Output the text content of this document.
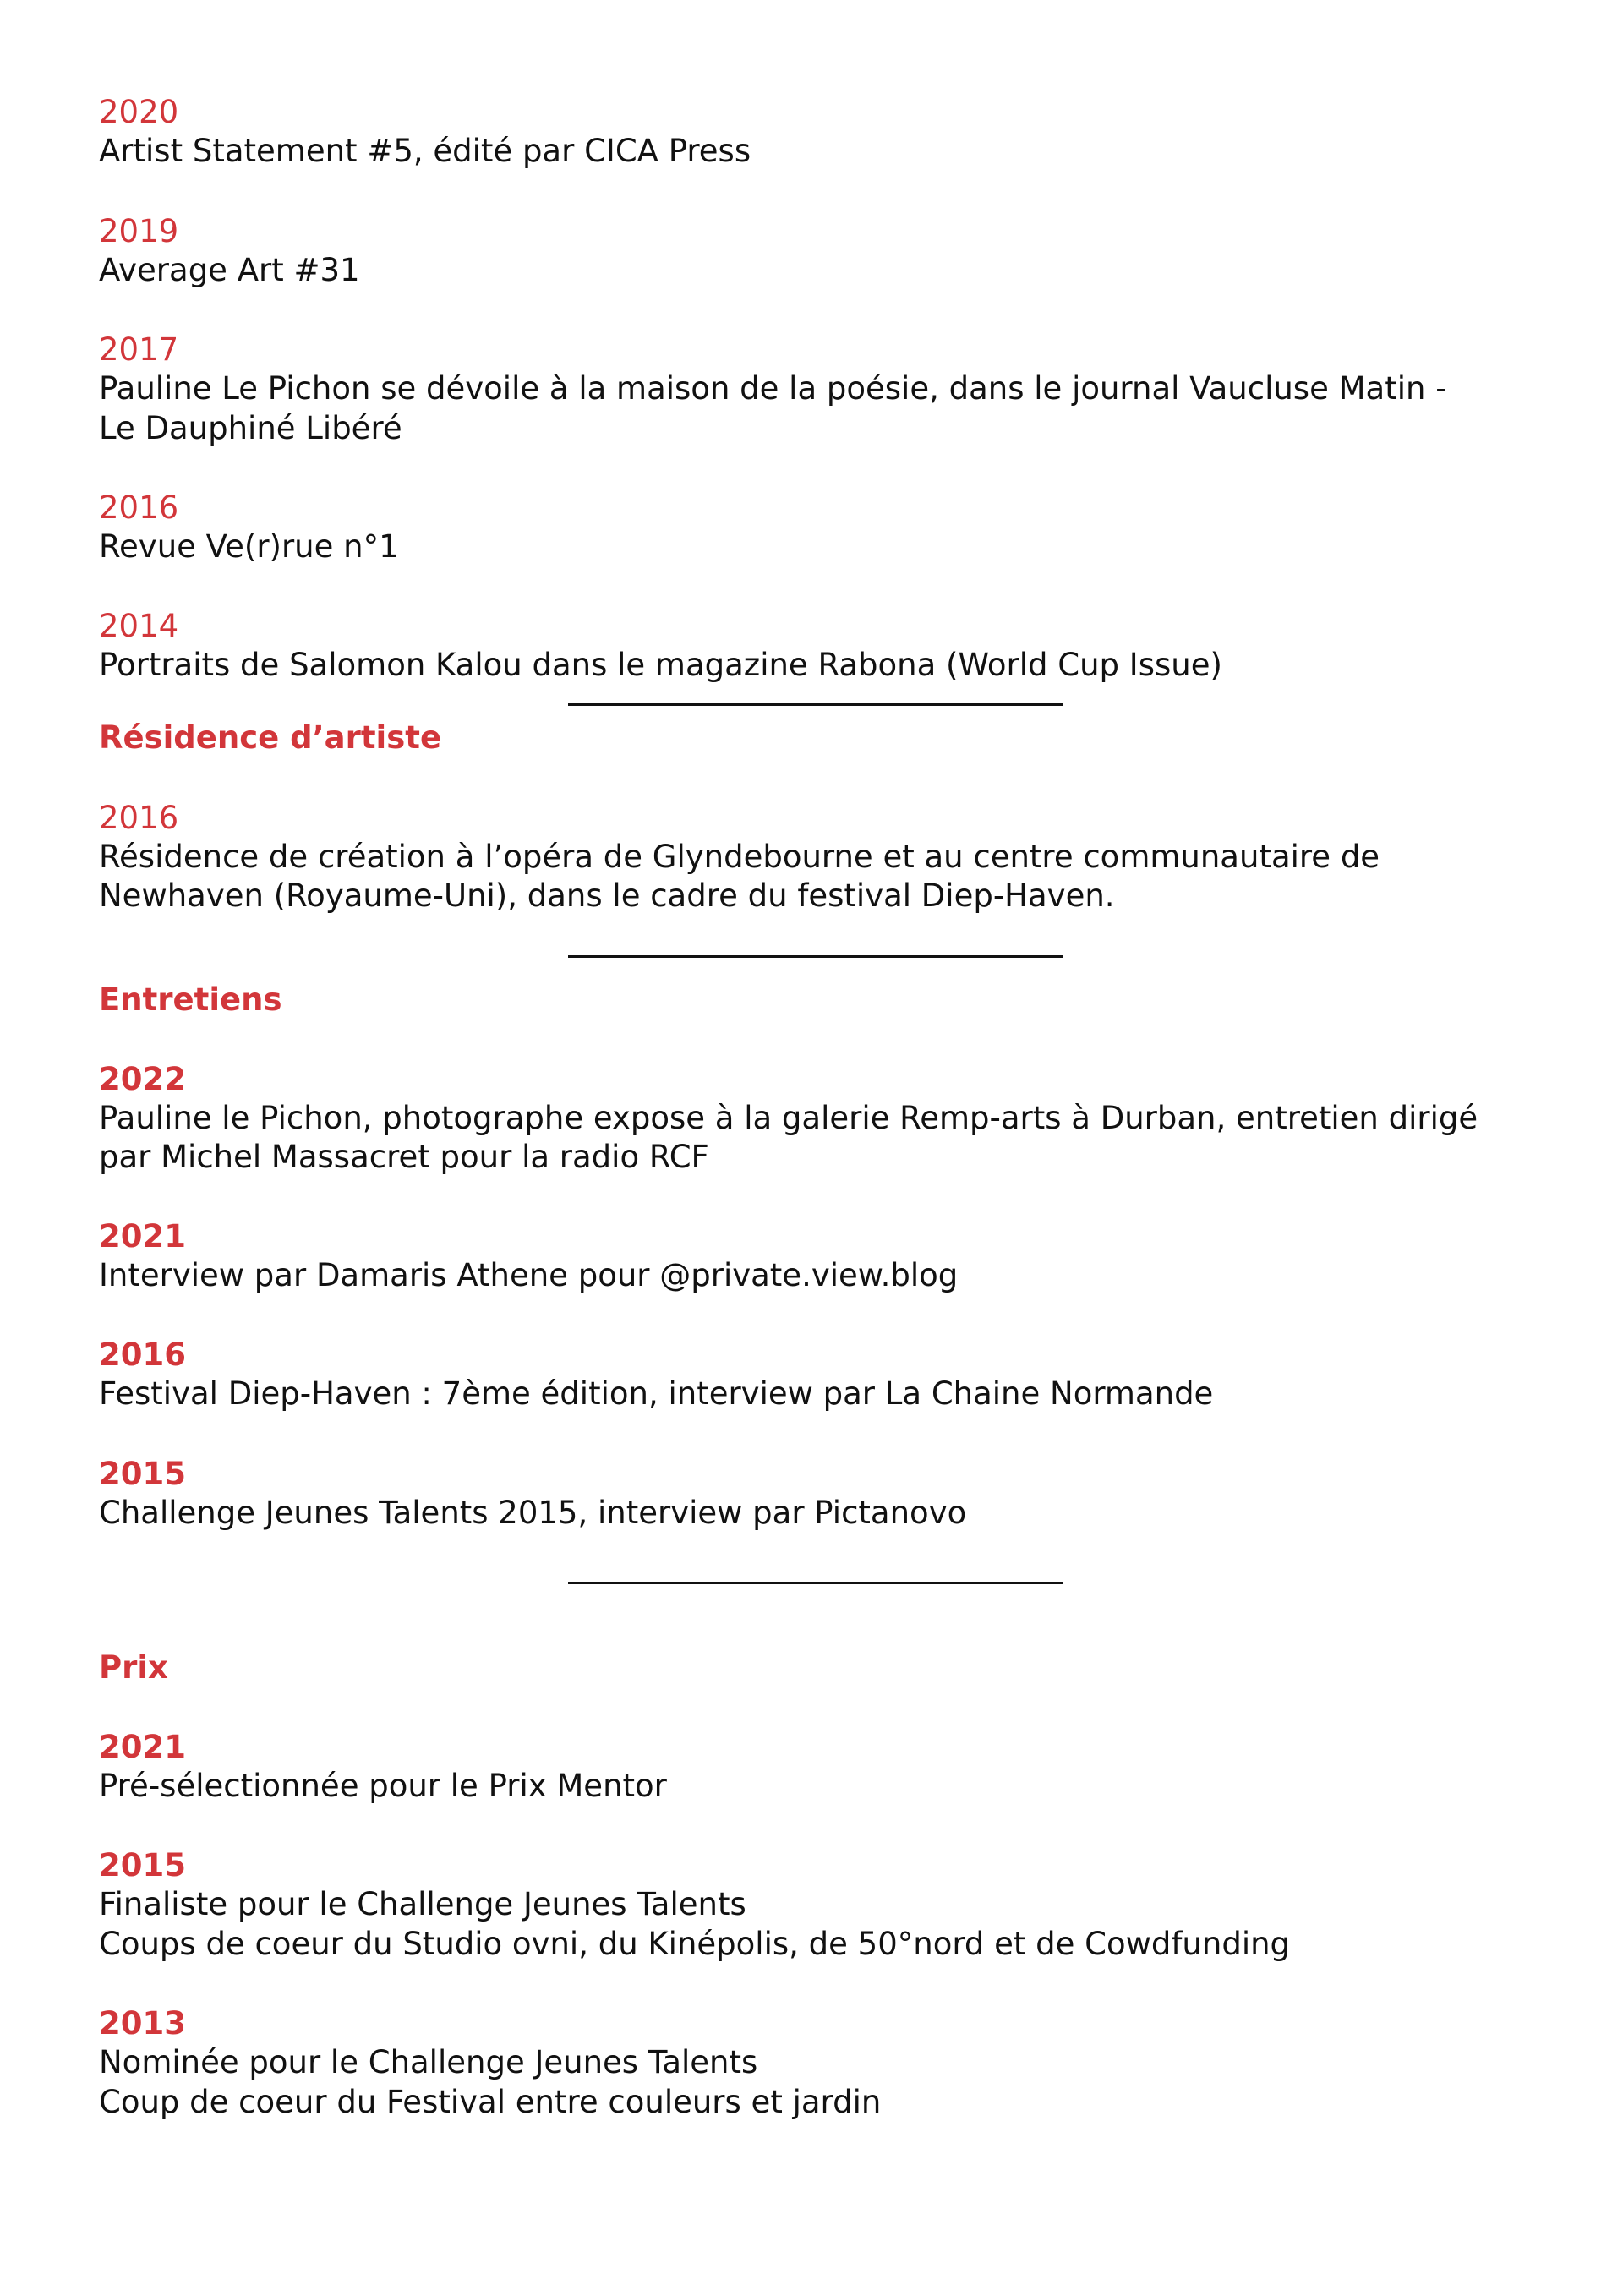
2020
Artist Statement #5, édité par CICA Press
2019
Average Art #31
2017
Pauline Le Pichon se dévoile à la maison de la poésie, dans le journal Vaucluse Matin -
Le Dauphiné Libéré
2016
Revue Ve(r)rue n°1
2014
Portraits de Salomon Kalou dans le magazine Rabona (World Cup Issue)
Résidence d’artiste
2016
Résidence de création à l’opéra de Glyndebourne et au centre communautaire de
Newhaven (Royaume-Uni), dans le cadre du festival Diep-Haven.
Entretiens
2022
Pauline le Pichon, photographe expose à la galerie Remp-arts à Durban, entretien dirigé
par Michel Massacret pour la radio RCF
2021
Interview par Damaris Athene pour @private.view.blog
2016
Festival Diep-Haven : 7ème édition, interview par La Chaine Normande
2015
Challenge Jeunes Talents 2015, interview par Pictanovo
Prix
2021
Pré-sélectionnée pour le Prix Mentor
2015
Finaliste pour le Challenge Jeunes Talents
Coups de coeur du Studio ovni, du Kinépolis, de 50°nord et de Cowdfunding
2013
Nominée pour le Challenge Jeunes Talents
Coup de coeur du Festival entre couleurs et jardin
